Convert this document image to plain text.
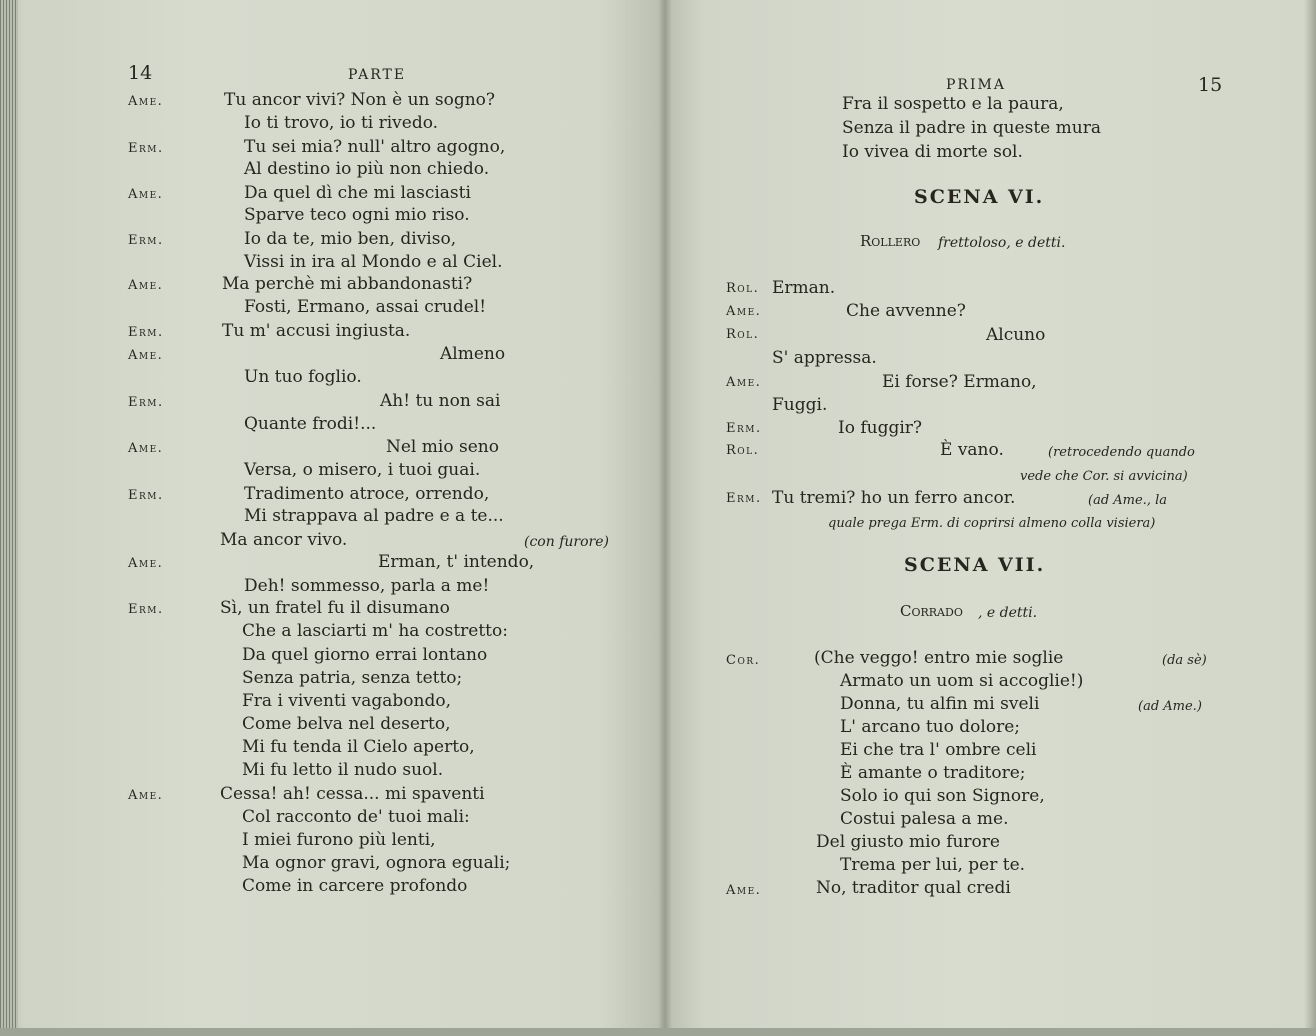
14	PARTE
Ame.	Tu ancor vivi? Non è un sogno?
Io ti trovo, io ti rivedo.
Erm.	Tu sei mia? null' altro agogno,
Al destino io più non chiedo.
Ame.	Da quel dì che mi lasciasti
Sparve teco ogni mio riso.
Erm.	Io da te, mio ben, diviso,
Vissi in ira al Mondo e al Ciel.
Ame.	Ma perchè mi abbandonasti?
Fosti, Ermano, assai crudel!
Erm.	Tu m' accusi ingiusta.
Ame.	Almeno
Un tuo foglio.
Erm.	Ah! tu non sai
Quante frodi!...
Ame.	Nel mio seno
Versa, o misero, i tuoi guai.
Erm.	Tradimento atroce, orrendo,
Mi strappava al padre e a te...
Ma ancor vivo.	(con furore)
Ame.	Erman, t' intendo,
Deh! sommesso, parla a me!
Erm.	Sì, un fratel fu il disumano
Che a lasciarti m' ha costretto:
Da quel giorno errai lontano
Senza patria, senza tetto;
Fra i viventi vagabondo,
Come belva nel deserto,
Mi fu tenda il Cielo aperto,
Mi fu letto il nudo suol.
Ame.	Cessa! ah! cessa... mi spaventi
Col racconto de' tuoi mali:
I miei furono più lenti,
Ma ognor gravi, ognora eguali;
Come in carcere profondo
PRIMA	15
Fra il sospetto e la paura,
Senza il padre in queste mura
Io vivea di morte sol.
SCENA VI.
Rollero frettoloso, e detti.
Rol. Erman.
Ame.	Che avvenne?
Rol.	Alcuno
S' appressa.
Ame.	Ei forse? Ermano,
Fuggi.
Erm.	Io fuggir?
Rol.	È vano.	(retrocedendo quando
vede che Cor. si avvicina)
Erm. Tu tremi? ho un ferro ancor.	(ad Ame., la
quale prega Erm. di coprirsi almeno colla visiera)
SCENA VII.
Corrado , e detti.
Cor.	(Che veggo! entro mie soglie	(da sè)
Armato un uom si accoglie!)
Donna, tu alfin mi sveli	(ad Ame.)
L' arcano tuo dolore;
Ei che tra l' ombre celi
È amante o traditore;
Solo io qui son Signore,
Costui palesa a me.
Del giusto mio furore
Trema per lui, per te.
Ame.	No, traditor qual credi
